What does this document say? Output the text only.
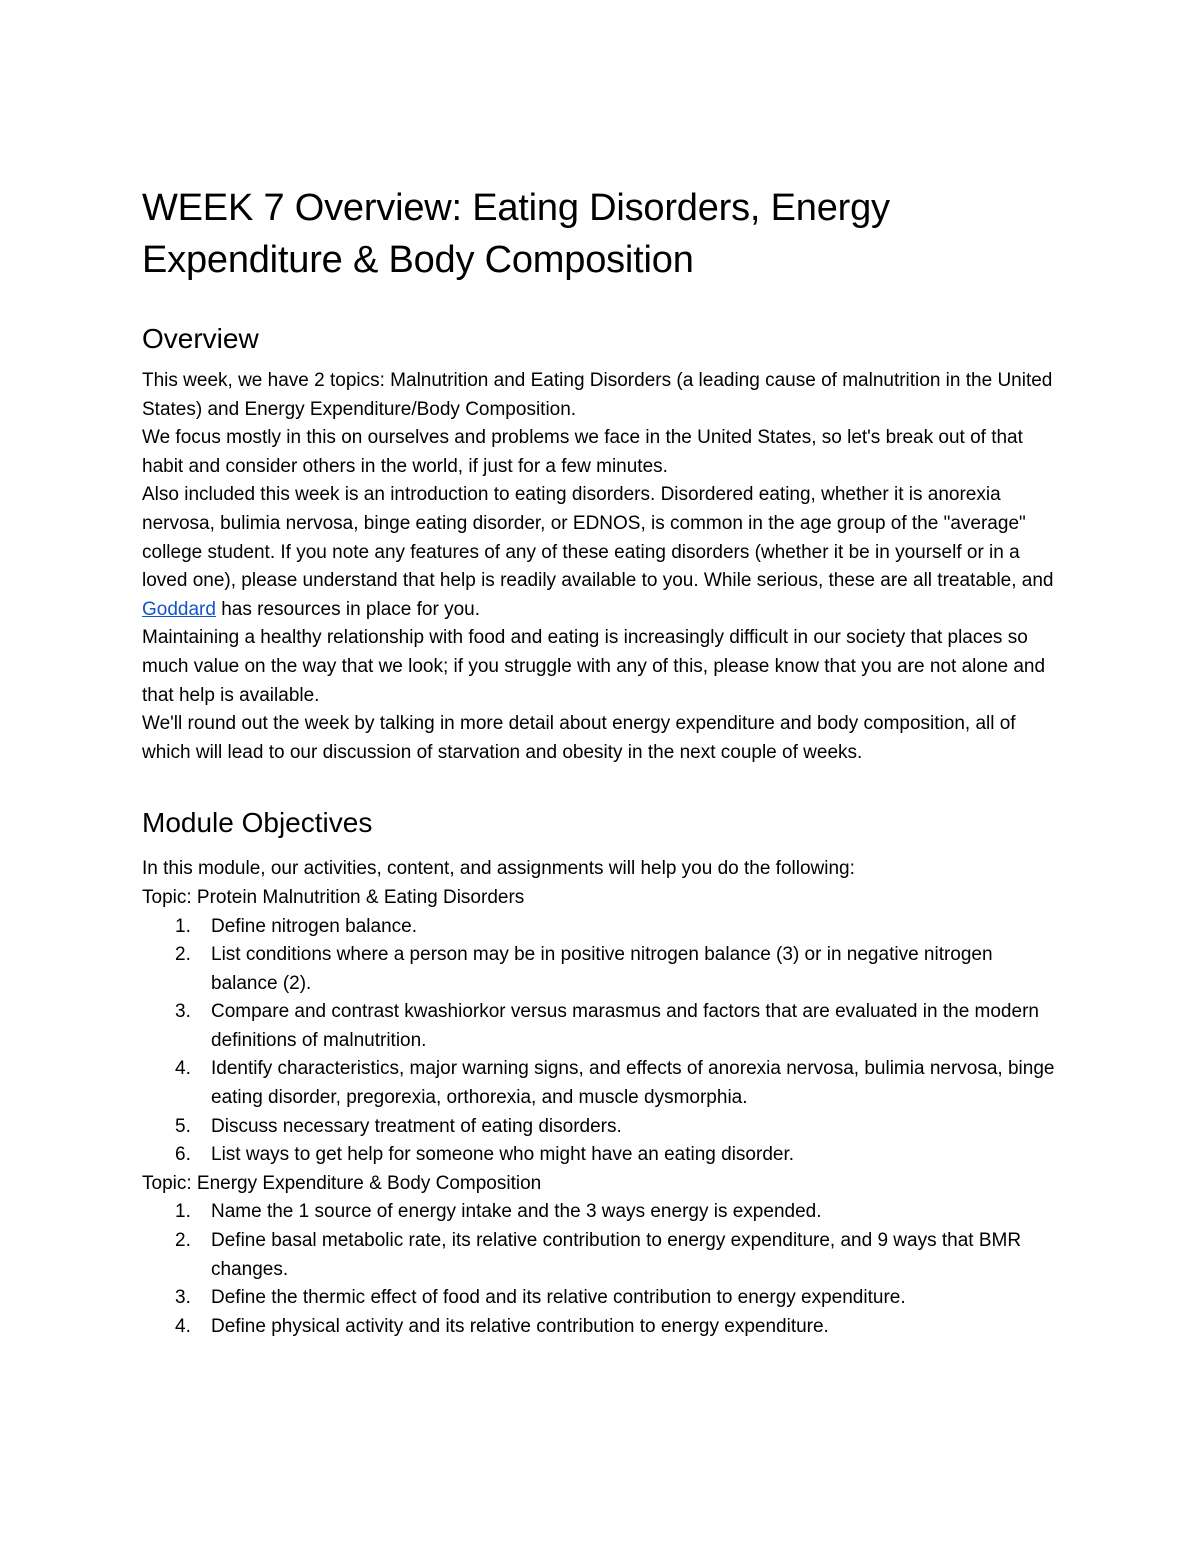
WEEK 7 Overview: Eating Disorders, Energy
Expenditure & Body Composition
Overview

This week, we have 2 topics: Malnutrition and Eating Disorders (a leading cause of malnutrition in the United States) and Energy Expenditure/Body Composition.

We focus mostly in this on ourselves and problems we face in the United States, so let's break out of that habit and consider others in the world, if just for a few minutes.

Also included this week is an introduction to eating disorders. Disordered eating, whether it is anorexia nervosa, bulimia nervosa, binge eating disorder, or EDNOS, is common in the age group of the "average" college student. If you note any features of any of these eating disorders (whether it be in yourself or in a loved one), please understand that help is readily available to you. While serious, these are all treatable, and Goddard has resources in place for you.

Maintaining a healthy relationship with food and eating is increasingly difficult in our society that places so much value on the way that we look; if you struggle with any of this, please know that you are not alone and that help is available.

We'll round out the week by talking in more detail about energy expenditure and body composition, all of which will lead to our discussion of starvation and obesity in the next couple of weeks.

Module Objectives

In this module, our activities, content, and assignments will help you do the following:

Topic: Protein Malnutrition & Eating Disorders

1. Define nitrogen balance.
2. List conditions where a person may be in positive nitrogen balance (3) or in negative nitrogen balance (2).
3. Compare and contrast kwashiorkor versus marasmus and factors that are evaluated in the modern definitions of malnutrition.
4. Identify characteristics, major warning signs, and effects of anorexia nervosa, bulimia nervosa, binge eating disorder, pregorexia, orthorexia, and muscle dysmorphia.
5. Discuss necessary treatment of eating disorders.
6. List ways to get help for someone who might have an eating disorder.

Topic: Energy Expenditure & Body Composition

1. Name the 1 source of energy intake and the 3 ways energy is expended.
2. Define basal metabolic rate, its relative contribution to energy expenditure, and 9 ways that BMR changes.
3. Define the thermic effect of food and its relative contribution to energy expenditure.
4. Define physical activity and its relative contribution to energy expenditure.
